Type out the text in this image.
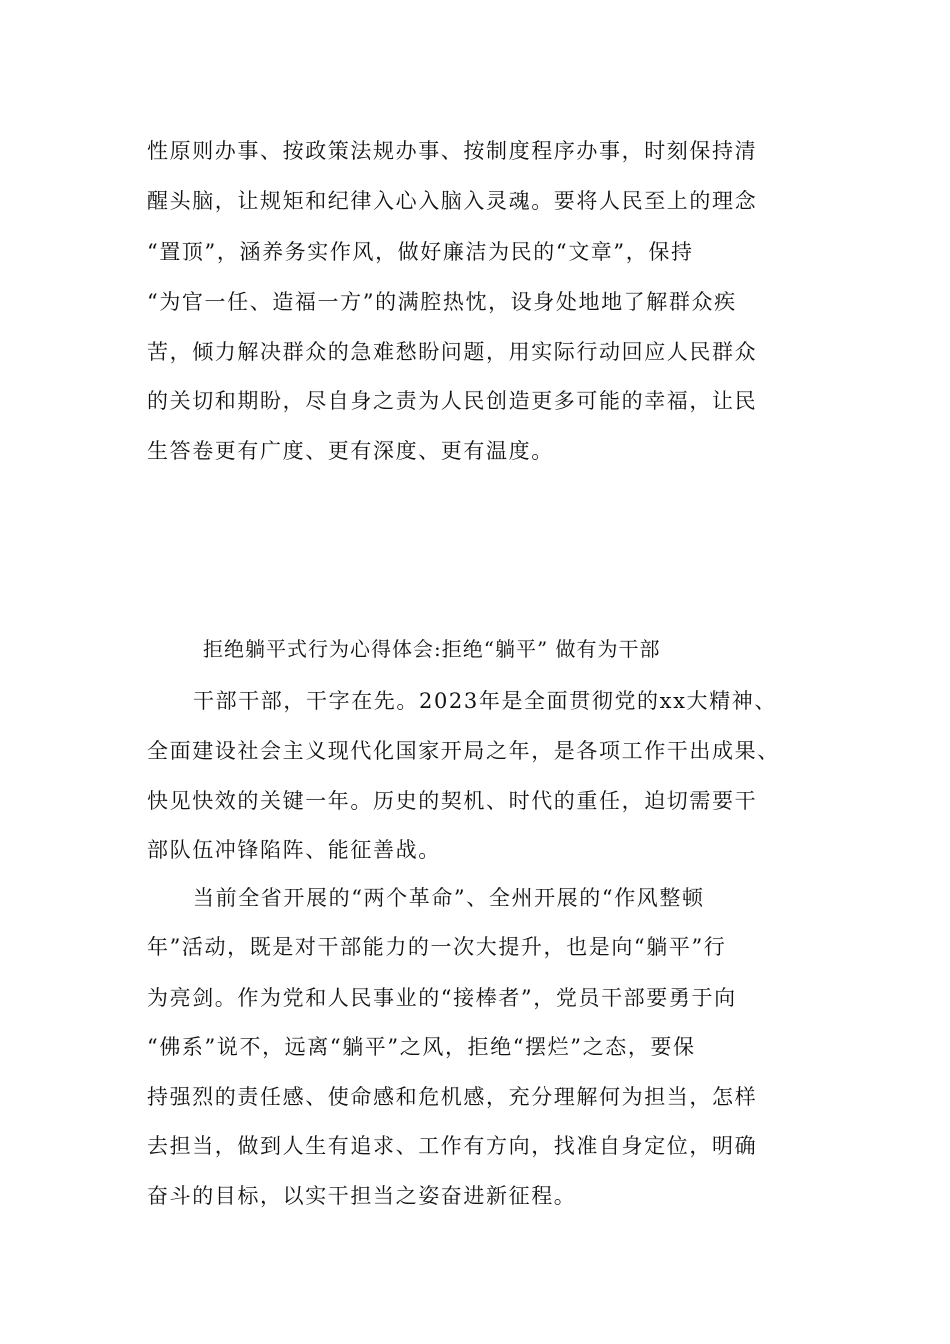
性原则办事、按政策法规办事、按制度程序办事，时刻保持清
醒头脑，让规矩和纪律入心入脑入灵魂。要将人民至上的理念
“置顶”，涵养务实作风，做好廉洁为民的“文章”，保持
“为官一任、造福一方”的满腔热忱，设身处地地了解群众疾
苦，倾力解决群众的急难愁盼问题，用实际行动回应人民群众
的关切和期盼，尽自身之责为人民创造更多可能的幸福，让民
生答卷更有广度、更有深度、更有温度。
拒绝躺平式行为心得体会:拒绝“躺平” 做有为干部
干部干部，干字在先。2023年是全面贯彻党的xx大精神、
全面建设社会主义现代化国家开局之年，是各项工作干出成果、
快见快效的关键一年。历史的契机、时代的重任，迫切需要干
部队伍冲锋陷阵、能征善战。
当前全省开展的“两个革命”、全州开展的“作风整顿
年”活动，既是对干部能力的一次大提升，也是向“躺平”行
为亮剑。作为党和人民事业的“接棒者”，党员干部要勇于向
“佛系”说不，远离“躺平”之风，拒绝“摆烂”之态，要保
持强烈的责任感、使命感和危机感，充分理解何为担当，怎样
去担当，做到人生有追求、工作有方向，找准自身定位，明确
奋斗的目标，以实干担当之姿奋进新征程。
